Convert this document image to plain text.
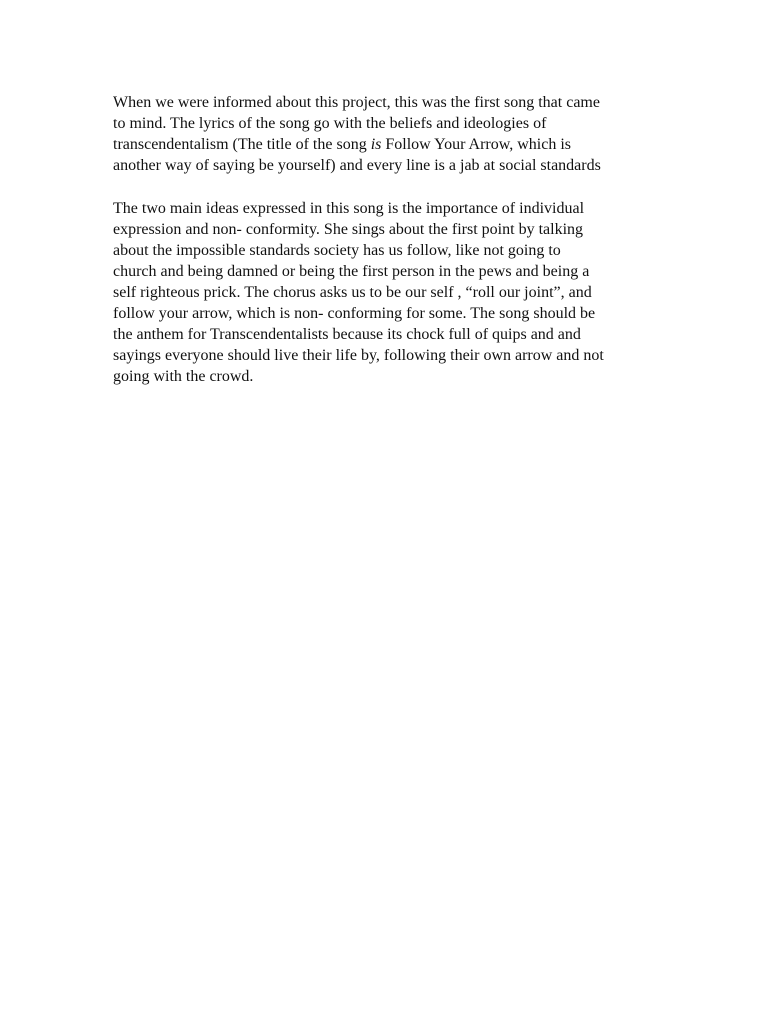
When we were informed about this project, this was the first song that came
to mind. The lyrics of the song go with the beliefs and ideologies of
transcendentalism (The title of the song is Follow Your Arrow, which is
another way of saying be yourself) and every line is a jab at social standards

The two main ideas expressed in this song is the importance of individual
expression and non- conformity. She sings about the first point by talking
about the impossible standards society has us follow, like not going to
church and being damned or being the first person in the pews and being a
self righteous prick. The chorus asks us to be our self , “roll our joint”, and
follow your arrow, which is non- conforming for some. The song should be
the anthem for Transcendentalists because its chock full of quips and and
sayings everyone should live their life by, following their own arrow and not
going with the crowd.
